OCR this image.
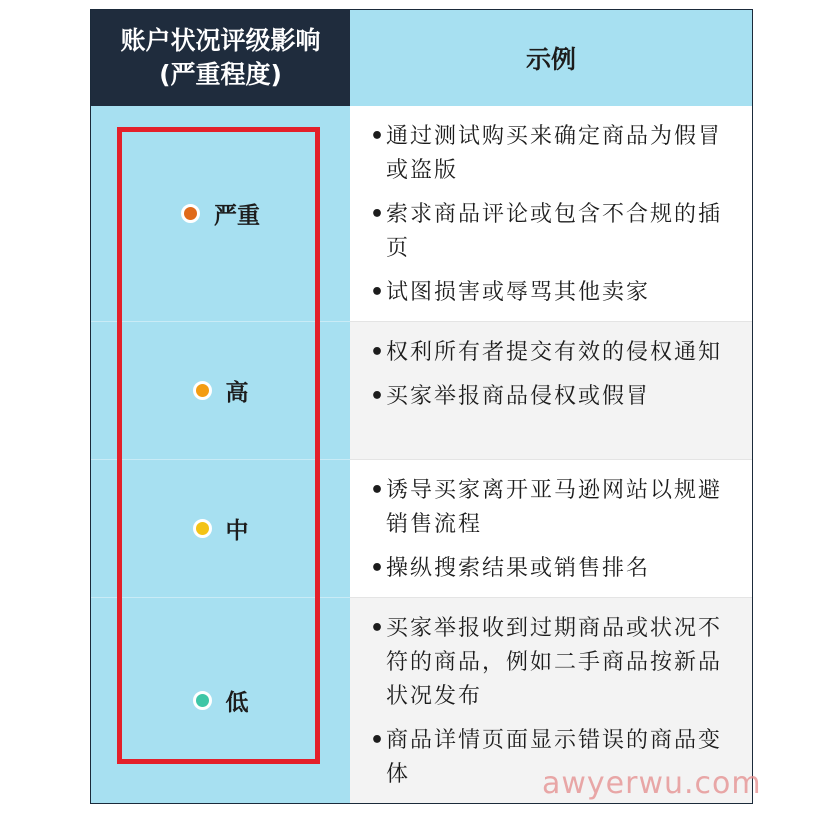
账户状况评级影响
(严重程度)
示例
严重
• 通过测试购买来确定商品为假冒或盗版
• 索求商品评论或包含不合规的插页
• 试图损害或辱骂其他卖家
高
• 权利所有者提交有效的侵权通知
• 买家举报商品侵权或假冒
中
• 诱导买家离开亚马逊网站以规避销售流程
• 操纵搜索结果或销售排名
低
• 买家举报收到过期商品或状况不符的商品，例如二手商品按新品状况发布
• 商品详情页面显示错误的商品变体	awyerwu.com
